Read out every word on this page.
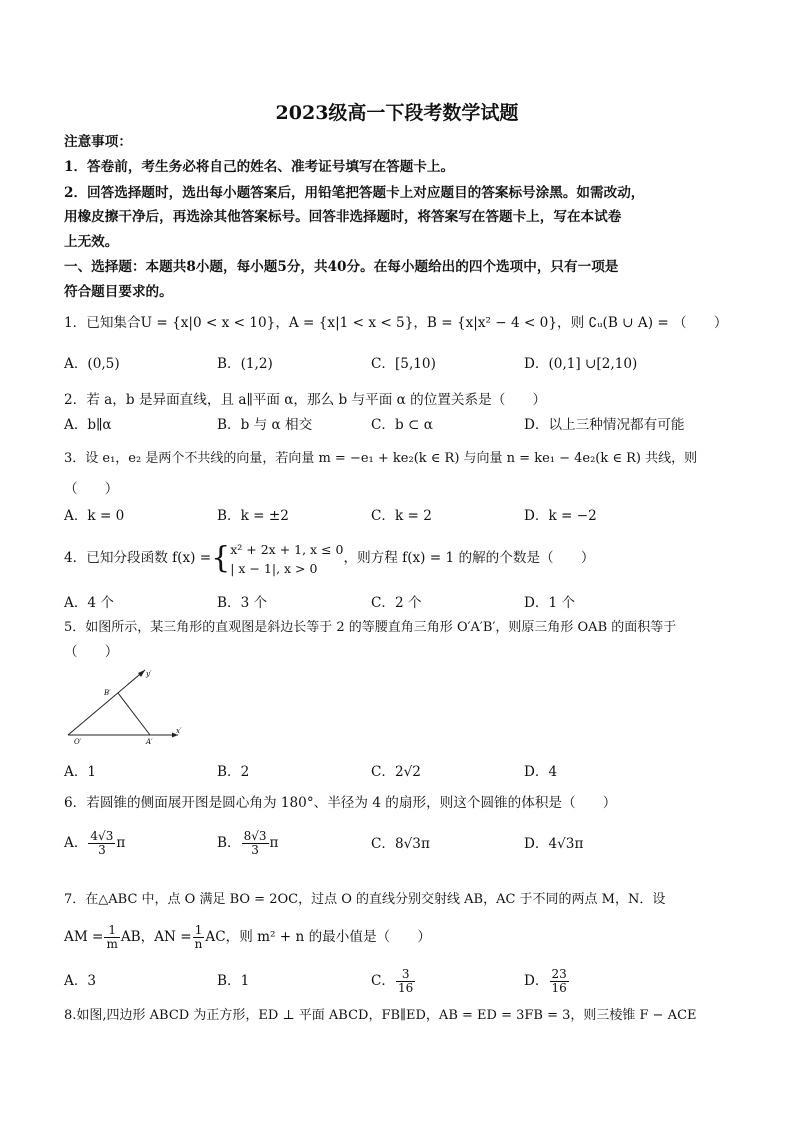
2023级高一下段考数学试题
注意事项：
1．答卷前，考生务必将自己的姓名、准考证号填写在答题卡上。
2．回答选择题时，选出每小题答案后，用铅笔把答题卡上对应题目的答案标号涂黑。如需改动，
用橡皮擦干净后，再选涂其他答案标号。回答非选择题时，将答案写在答题卡上，写在本试卷
上无效。
一、选择题：本题共8小题，每小题5分，共40分。在每小题给出的四个选项中，只有一项是
符合题目要求的。
1．已知集合U = {x|0 < x < 10}，A = {x|1 < x < 5}，B = {x|x² − 4 < 0}，则 ∁ᵤ(B ∪ A) = （　　）
A．(0,5)	B．(1,2)	C．[5,10)	D．(0,1] ∪[2,10)
2．若 a，b 是异面直线，且 a∥平面 α，那么 b 与平面 α 的位置关系是（　　）
A．b∥α	B．b 与 α 相交	C．b ⊂ α	D．以上三种情况都有可能
3．设 e₁，e₂ 是两个不共线的向量，若向量 m = −e₁ + ke₂(k ∈ R) 与向量 n = ke₁ − 4e₂(k ∈ R) 共线，则
（　　）
A．k = 0	B．k = ±2	C．k = 2	D．k = −2
4．已知分段函数 f(x) ={ x² + 2x + 1, x ≤ 0
| x − 1|, x > 0
，则方程 f(x) = 1 的解的个数是（　　）
A．4 个	B．3 个	C．2 个	D．1 个
5．如图所示，某三角形的直观图是斜边长等于 2 的等腰直角三角形 O′A′B′，则原三角形 OAB 的面积等于
（　　）
y′
x′
B′
O′	A′
A．1	B．2	C．2√2	D．4
6．若圆锥的侧面展开图是圆心角为 180°、半径为 4 的扇形，则这个圆锥的体积是（　　）
A． $\frac{4√3}{3}$ π	B． $\frac{8√3}{3}$ π	C．8√3π	D．4√3π
7．在△ABC 中，点 O 满足 BO = 2OC，过点 O 的直线分别交射线 AB，AC 于不同的两点 M，N．设
AM = $\frac{1}{m}$ AB，AN = $\frac{1}{n}$ AC，则 m² + n 的最小值是（　　）
A．3	B．1	C． $\frac{3}{16}$	D． $\frac{23}{16}$
8.如图,四边形 ABCD 为正方形，ED ⊥ 平面 ABCD，FB∥ED，AB = ED = 3FB = 3，则三棱锥 F − ACE
